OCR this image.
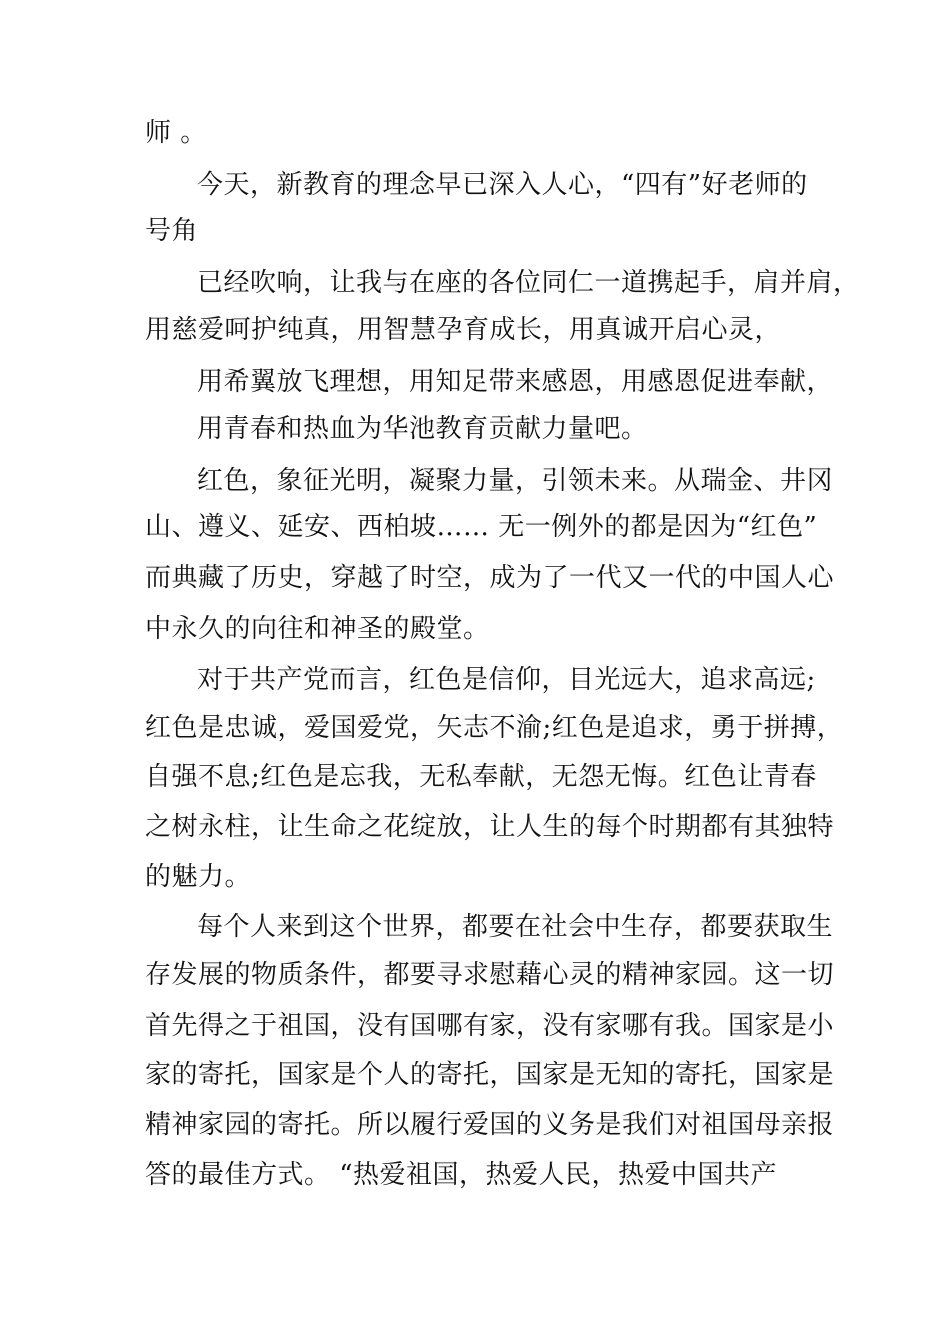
师 。
今天，新教育的理念早已深入人心，“四有”好老师的
号角
已经吹响，让我与在座的各位同仁一道携起手，肩并肩，
用慈爱呵护纯真，用智慧孕育成长，用真诚开启心灵，
用希翼放飞理想，用知足带来感恩，用感恩促进奉献，
用青春和热血为华池教育贡献力量吧。
红色，象征光明，凝聚力量，引领未来。从瑞金、井冈
山、遵义、延安、西柏坡…… 无一例外的都是因为“红色”
而典藏了历史，穿越了时空，成为了一代又一代的中国人心
中永久的向往和神圣的殿堂。
对于共产党而言，红色是信仰，目光远大，追求高远;
红色是忠诚，爱国爱党，矢志不渝;红色是追求，勇于拼搏，
自强不息;红色是忘我，无私奉献，无怨无悔。红色让青春
之树永柱，让生命之花绽放，让人生的每个时期都有其独特
的魅力。
每个人来到这个世界，都要在社会中生存，都要获取生
存发展的物质条件，都要寻求慰藉心灵的精神家园。这一切
首先得之于祖国，没有国哪有家，没有家哪有我。国家是小
家的寄托，国家是个人的寄托，国家是无知的寄托，国家是
精神家园的寄托。所以履行爱国的义务是我们对祖国母亲报
答的最佳方式。 “热爱祖国，热爱人民，热爱中国共产
